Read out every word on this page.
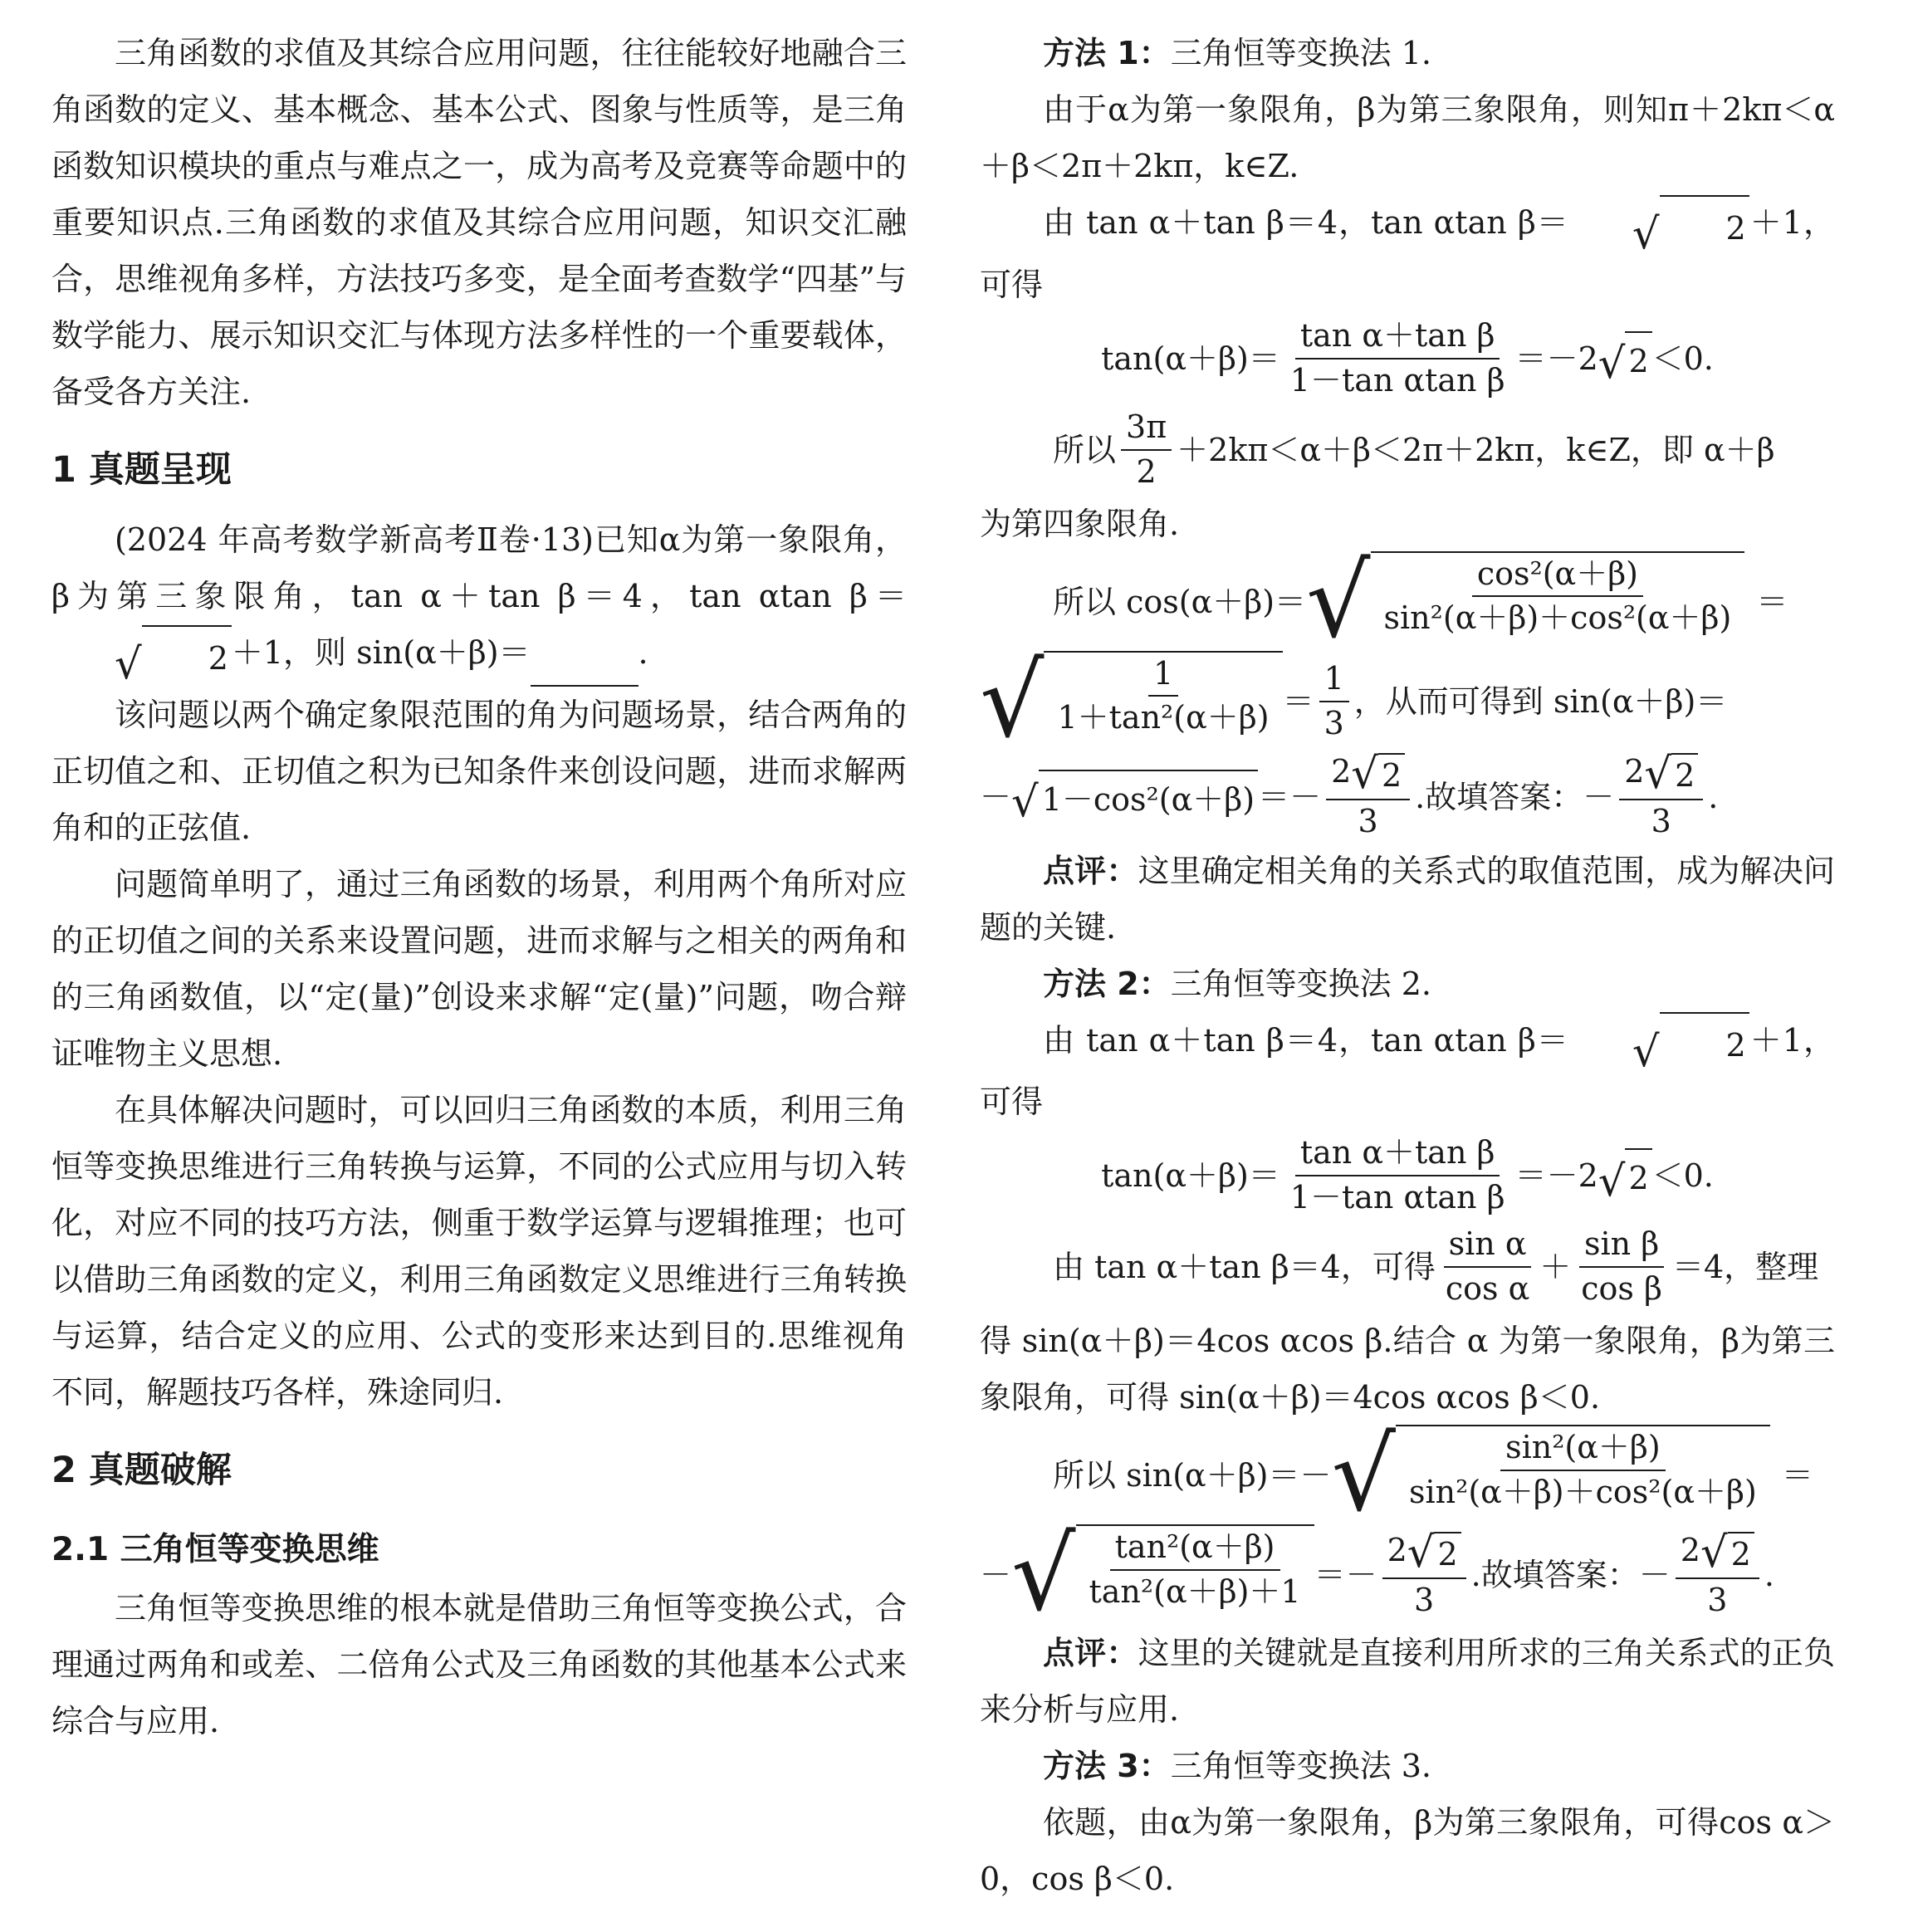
三角函数的求值及其综合应用问题，往往能较好地融合三角函数的定义、基本概念、基本公式、图象与性质等，是三角函数知识模块的重点与难点之一，成为高考及竞赛等命题中的重要知识点.三角函数的求值及其综合应用问题，知识交汇融合，思维视角多样，方法技巧多变，是全面考查数学“四基”与数学能力、展示知识交汇与体现方法多样性的一个重要载体，备受各方关注.

1 真题呈现

(2024 年高考数学新高考Ⅱ卷·13)已知α为第一象限角，β为第三象限角，tan α＋tan β＝4，tan αtan β＝
√	2 ＋1，则 sin(α＋β)＝	.

该问题以两个确定象限范围的角为问题场景，结合两角的正切值之和、正切值之积为已知条件来创设问题，进而求解两角和的正弦值.

问题简单明了，通过三角函数的场景，利用两个角所对应的正切值之间的关系来设置问题，进而求解与之相关的两角和的三角函数值，以“定(量)”创设来求解“定(量)”问题，吻合辩证唯物主义思想.

在具体解决问题时，可以回归三角函数的本质，利用三角恒等变换思维进行三角转换与运算，不同的公式应用与切入转化，对应不同的技巧方法，侧重于数学运算与逻辑推理；也可以借助三角函数的定义，利用三角函数定义思维进行三角转换与运算，结合定义的应用、公式的变形来达到目的.思维视角不同，解题技巧各样，殊途同归.

2 真题破解

2.1 三角恒等变换思维

三角恒等变换思维的根本就是借助三角恒等变换公式，合理通过两角和或差、二倍角公式及三角函数的其他基本公式来综合与应用.

方法 1：三角恒等变换法 1.

由于α为第一象限角，β为第三象限角，则知π＋2kπ＜α＋β＜2π＋2kπ，k∈Z.

由 tan α＋tan β＝4，tan αtan β＝	√	2 ＋1，可得

$\tan(\alpha+\beta)= \frac{\text{tan α＋tan β}}{\text{1－tan αtan β}} =-2$ √ 2 ＜0.
所以 $\frac{3\pi}{2} +2k\pi<\alpha+\beta<2\pi+2k\pi$，k∈Z，即 α＋β

为第四象限角.

所以 cos(α＋β)＝ √ $\frac{\text{cos²(α＋β)}}{\text{sin²(α＋β)＋cos²(α＋β)}}$ ＝
√ $\frac{1}{\text{1＋tan²(α＋β)}} = \frac{1}{3}$ ，从而可得到 sin(α＋β)＝
－ √ $1-\cos^2(\alpha+\beta) =- \frac{2 √ 2}{3}$ .故填答案：－ $\frac{2 √ 2}{3}$ .

点评：这里确定相关角的关系式的取值范围，成为解决问题的关键.

方法 2：三角恒等变换法 2.

由 tan α＋tan β＝4，tan αtan β＝	√	2 ＋1，可得

$\tan(\alpha+\beta)= \frac{\text{tan α＋tan β}}{\text{1－tan αtan β}} =-2$ √ 2 ＜0.
由 tan α＋tan β＝4，可得 $\frac{\text{sin α}}{\text{cos α}} + \frac{\text{sin β}}{\text{cos β}} =4$，整理

得 sin(α＋β)＝4cos αcos β.结合 α 为第一象限角，β为第三象限角，可得 sin(α＋β)＝4cos αcos β＜0.

所以 sin(α＋β)＝－ √ $\frac{\text{sin²(α＋β)}}{\text{sin²(α＋β)＋cos²(α＋β)}}$ ＝
－ √ $\frac{\text{tan²(α＋β)}}{\text{tan²(α＋β)＋1}} =- \frac{2 √ 2}{3}$ .故填答案：－ $\frac{2 √ 2}{3}$ .

点评：这里的关键就是直接利用所求的三角关系式的正负来分析与应用.

方法 3：三角恒等变换法 3.

依题，由α为第一象限角，β为第三象限角，可得cos α＞0，cos β＜0.
